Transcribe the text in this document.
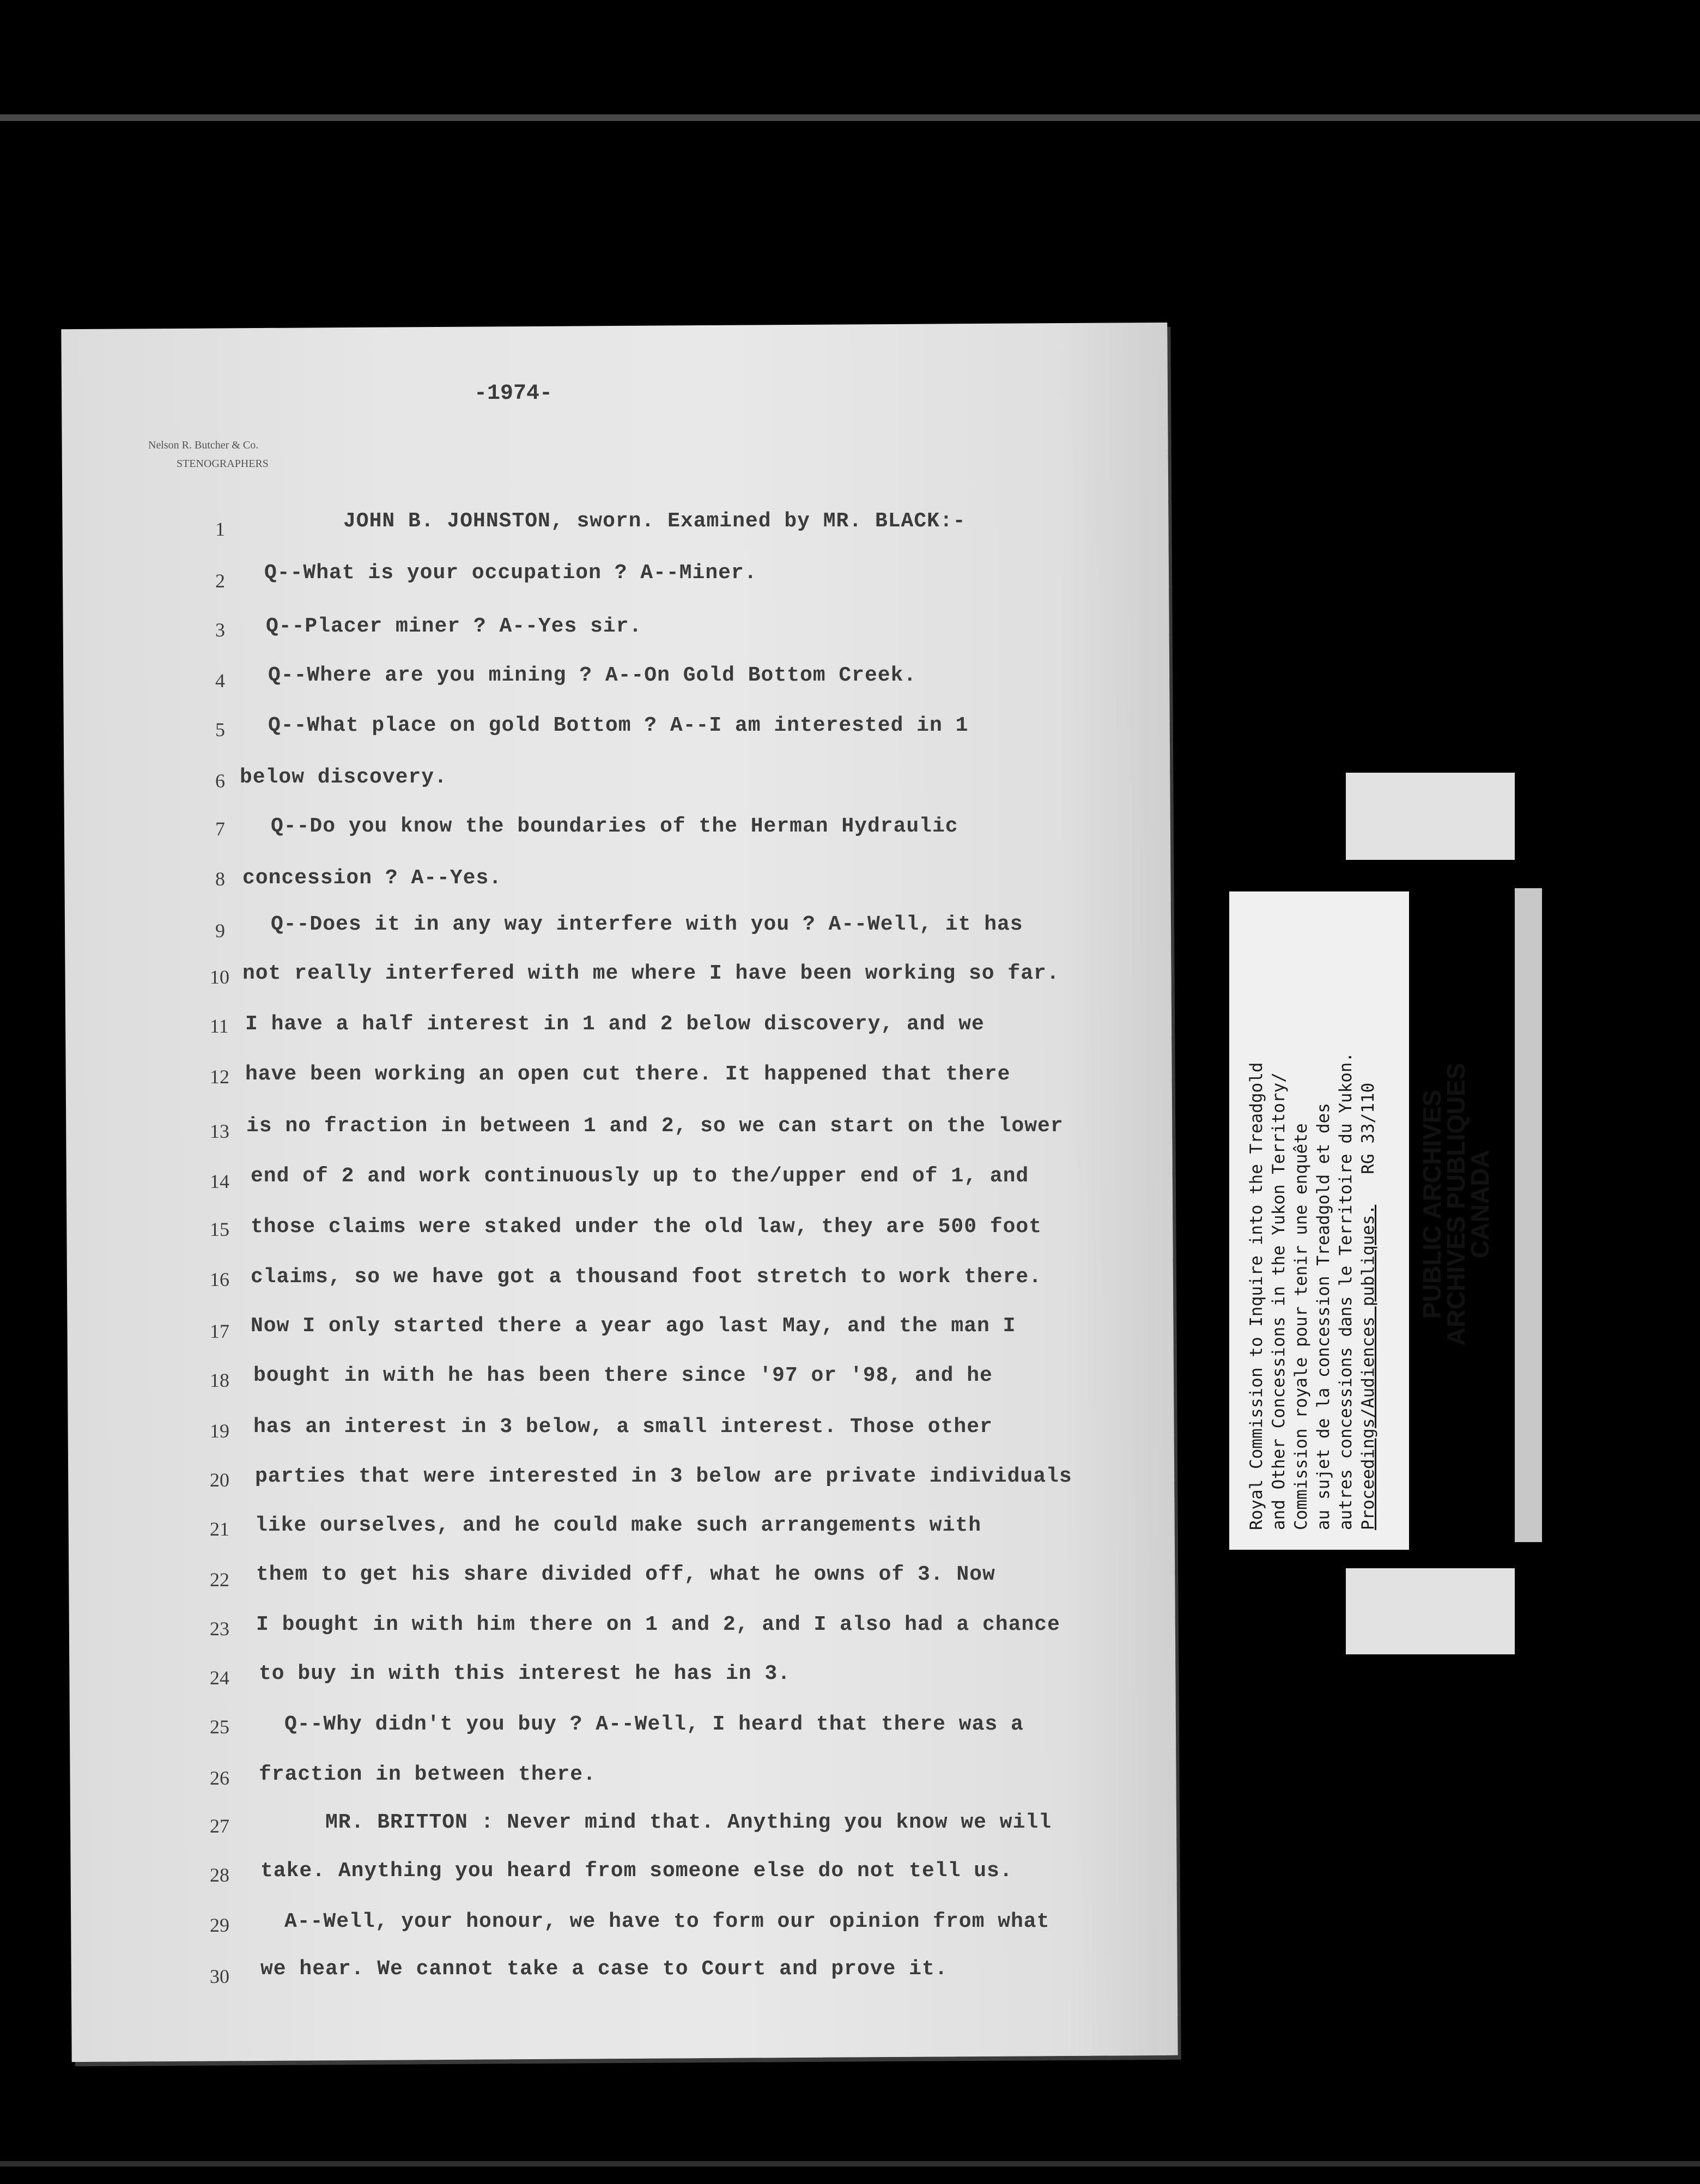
-1974-
Nelson R. Butcher & Co.
STENOGRAPHERS
1	JOHN B. JOHNSTON, sworn. Examined by MR. BLACK:-
2 Q--What is your occupation ? A--Miner.
3 Q--Placer miner ? A--Yes sir.
4 Q--Where are you mining ? A--On Gold Bottom Creek.
5 Q--What place on gold Bottom ? A--I am interested in 1
6 below discovery.
7 Q--Do you know the boundaries of the Herman Hydraulic
8 concession ? A--Yes.
9 Q--Does it in any way interfere with you ? A--Well, it has
10 not really interfered with me where I have been working so far.
11 I have a half interest in 1 and 2 below discovery, and we
12 have been working an open cut there. It happened that there
13 is no fraction in between 1 and 2, so we can start on the lower
14 end of 2 and work continuously up to the/upper end of 1, and
15 those claims were staked under the old law, they are 500 foot
16 claims, so we have got a thousand foot stretch to work there.
17 Now I only started there a year ago last May, and the man I
18 bought in with he has been there since '97 or '98, and he
19 has an interest in 3 below, a small interest. Those other
20 parties that were interested in 3 below are private individuals
21 like ourselves, and he could make such arrangements with
22 them to get his share divided off, what he owns of 3. Now
23 I bought in with him there on 1 and 2, and I also had a chance
24 to buy in with this interest he has in 3.
25	Q--Why didn't you buy ? A--Well, I heard that there was a
26 fraction in between there.
27	MR. BRITTON : Never mind that. Anything you know we will
28 take. Anything you heard from someone else do not tell us.
29	A--Well, your honour, we have to form our opinion from what
30 we hear. We cannot take a case to Court and prove it.
Royal Commission to Inquire into the Treadgold and Other Concessions in the Yukon Territory/ Commission royale pour tenir une enquête au sujet de la concession Treadgold et des autres concessions dans le Territoire du Yukon. Proceedings/Audiences publiques.   RG 33/110 PUBLIC ARCHIVES
ARCHIVES PUBLIQUES
CANADA
